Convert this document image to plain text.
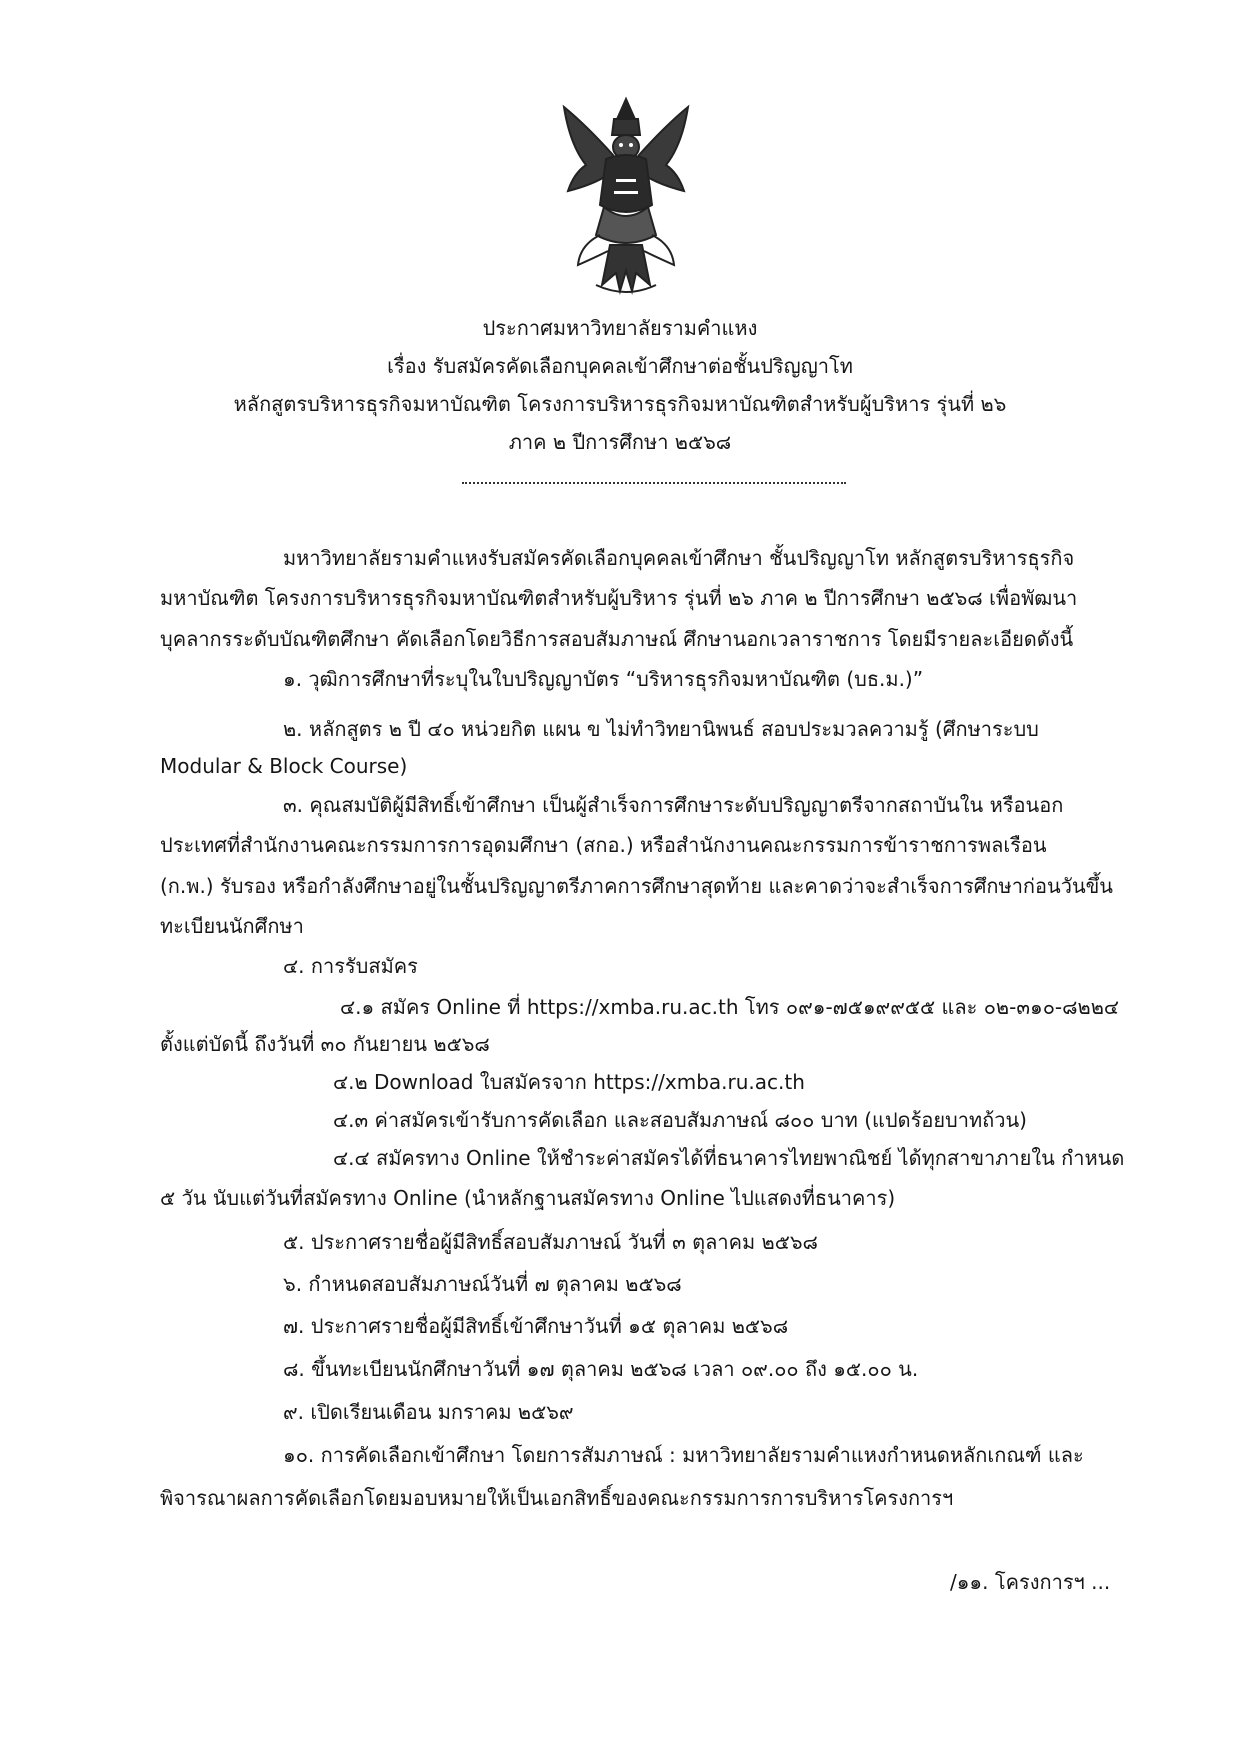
ประกาศมหาวิทยาลัยรามคำแหง
เรื่อง รับสมัครคัดเลือกบุคคลเข้าศึกษาต่อชั้นปริญญาโท
หลักสูตรบริหารธุรกิจมหาบัณฑิต โครงการบริหารธุรกิจมหาบัณฑิตสำหรับผู้บริหาร รุ่นที่ ๒๖
ภาค ๒ ปีการศึกษา ๒๕๖๘
มหาวิทยาลัยรามคำแหงรับสมัครคัดเลือกบุคคลเข้าศึกษา ชั้นปริญญาโท หลักสูตรบริหารธุรกิจ
มหาบัณฑิต โครงการบริหารธุรกิจมหาบัณฑิตสำหรับผู้บริหาร รุ่นที่ ๒๖ ภาค ๒ ปีการศึกษา ๒๕๖๘ เพื่อพัฒนา
บุคลากรระดับบัณฑิตศึกษา คัดเลือกโดยวิธีการสอบสัมภาษณ์ ศึกษานอกเวลาราชการ โดยมีรายละเอียดดังนี้
๑. วุฒิการศึกษาที่ระบุในใบปริญญาบัตร “บริหารธุรกิจมหาบัณฑิต (บธ.ม.)”
๒. หลักสูตร ๒ ปี ๔๐ หน่วยกิต แผน ข ไม่ทำวิทยานิพนธ์ สอบประมวลความรู้ (ศึกษาระบบ
Modular & Block Course)
๓. คุณสมบัติผู้มีสิทธิ์เข้าศึกษา เป็นผู้สำเร็จการศึกษาระดับปริญญาตรีจากสถาบันใน หรือนอก
ประเทศที่สำนักงานคณะกรรมการการอุดมศึกษา (สกอ.) หรือสำนักงานคณะกรรมการข้าราชการพลเรือน
(ก.พ.) รับรอง หรือกำลังศึกษาอยู่ในชั้นปริญญาตรีภาคการศึกษาสุดท้าย และคาดว่าจะสำเร็จการศึกษาก่อนวันขึ้น
ทะเบียนนักศึกษา
๔. การรับสมัคร
๔.๑ สมัคร Online ที่ https://xmba.ru.ac.th โทร ๐๙๑-๗๕๑๙๙๕๕ และ ๐๒-๓๑๐-๘๒๒๔
ตั้งแต่บัดนี้ ถึงวันที่ ๓๐ กันยายน ๒๕๖๘
๔.๒ Download ใบสมัครจาก https://xmba.ru.ac.th
๔.๓ ค่าสมัครเข้ารับการคัดเลือก และสอบสัมภาษณ์ ๘๐๐ บาท (แปดร้อยบาทถ้วน)
๔.๔ สมัครทาง Online ให้ชำระค่าสมัครได้ที่ธนาคารไทยพาณิชย์ ได้ทุกสาขาภายใน กำหนด
๕ วัน นับแต่วันที่สมัครทาง Online (นำหลักฐานสมัครทาง Online ไปแสดงที่ธนาคาร)
๕. ประกาศรายชื่อผู้มีสิทธิ์สอบสัมภาษณ์ วันที่ ๓ ตุลาคม ๒๕๖๘
๖. กำหนดสอบสัมภาษณ์วันที่ ๗ ตุลาคม ๒๕๖๘
๗. ประกาศรายชื่อผู้มีสิทธิ์เข้าศึกษาวันที่ ๑๕ ตุลาคม ๒๕๖๘
๘. ขึ้นทะเบียนนักศึกษาวันที่ ๑๗ ตุลาคม ๒๕๖๘ เวลา ๐๙.๐๐ ถึง ๑๕.๐๐ น.
๙. เปิดเรียนเดือน มกราคม ๒๕๖๙
๑๐. การคัดเลือกเข้าศึกษา โดยการสัมภาษณ์ : มหาวิทยาลัยรามคำแหงกำหนดหลักเกณฑ์ และ
พิจารณาผลการคัดเลือกโดยมอบหมายให้เป็นเอกสิทธิ์ของคณะกรรมการการบริหารโครงการฯ
/๑๑. โครงการฯ ...
